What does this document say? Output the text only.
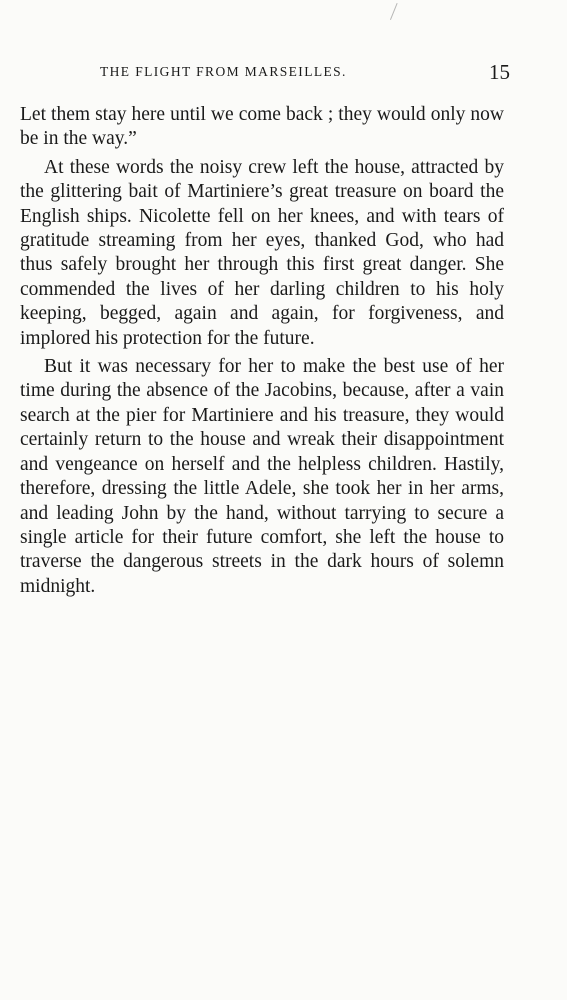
THE FLIGHT FROM MARSEILLES.	15

Let them stay here until we come back ; they would only now be in the way.”

At these words the noisy crew left the house, attracted by the glittering bait of Martiniere’s great treasure on board the English ships. Nicolette fell on her knees, and with tears of gratitude streaming from her eyes, thanked God, who had thus safely brought her through this first great danger. She commended the lives of her darling children to his holy keeping, begged, again and again, for forgiveness, and implored his protection for the future.

But it was necessary for her to make the best use of her time during the absence of the Jacobins, because, after a vain search at the pier for Martiniere and his treasure, they would certainly return to the house and wreak their disappointment and vengeance on herself and the helpless children. Hastily, therefore, dressing the little Adele, she took her in her arms, and leading John by the hand, without tarrying to secure a single article for their future comfort, she left the house to traverse the dangerous streets in the dark hours of solemn midnight.
